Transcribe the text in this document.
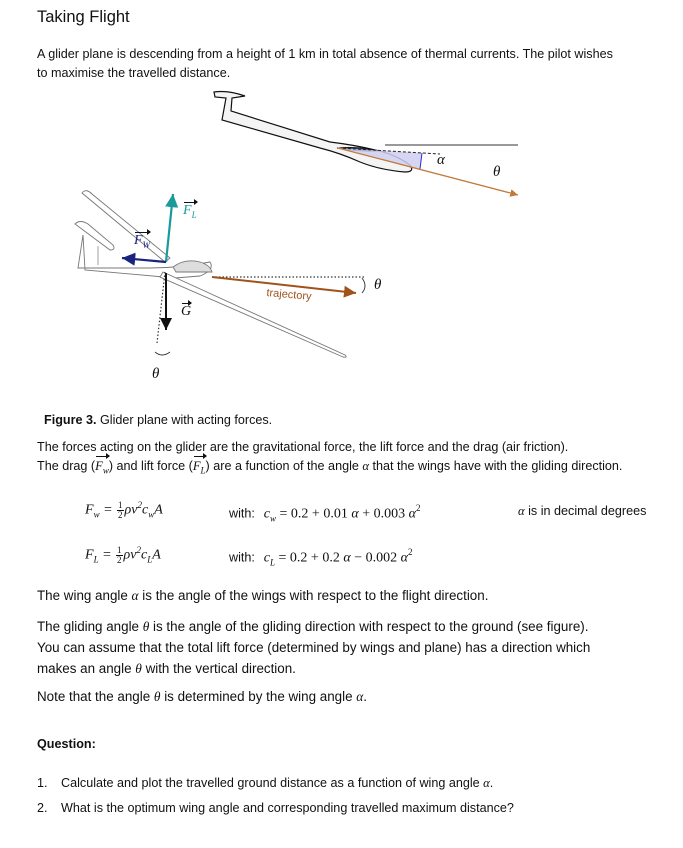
Taking Flight
A glider plane is descending from a height of 1 km in total absence of thermal currents. The pilot wishes
to maximise the travelled distance.
α
θ
$F_L$
$F_W$
G
trajectory
θ
θ
Figure 3. Glider plane with acting forces.
The forces acting on the glider are the gravitational force, the lift force and the drag (air friction).
The drag $(F_w)$ and lift force $(F_L)$ are a function of the angle α that the wings have with the gliding direction.
$F_w = \frac{1}{2} \rho v^2c_wA$	with: $c_w = 0.2 + 0.01$ α + 0.003 $\alpha^2$	α is in decimal degrees
$F_L = \frac{1}{2} \rho v^2c_LA$	with: $c_L = 0.2 + 0.2$ α − 0.002 $\alpha^2$
The wing angle α is the angle of the wings with respect to the flight direction.
The gliding angle θ is the angle of the gliding direction with respect to the ground (see figure).
You can assume that the total lift force (determined by wings and plane) has a direction which
makes an angle θ with the vertical direction.
Note that the angle θ is determined by the wing angle α.
Question:
1. Calculate and plot the travelled ground distance as a function of wing angle α.
2. What is the optimum wing angle and corresponding travelled maximum distance?
